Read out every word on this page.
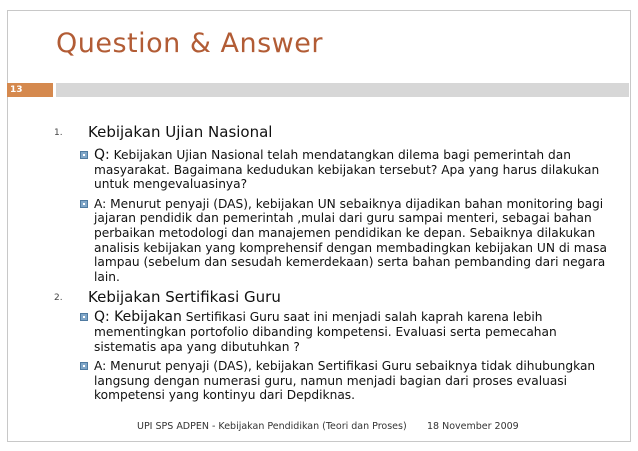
Question & Answer
13
1. Kebijakan Ujian Nasional
Q: Kebijakan Ujian Nasional telah mendatangkan dilema bagi pemerintah dan masyarakat. Bagaimana kedudukan kebijakan tersebut? Apa yang harus dilakukan untuk mengevaluasinya?
A: Menurut penyaji (DAS), kebijakan UN sebaiknya dijadikan bahan monitoring bagi jajaran pendidik dan pemerintah ,mulai dari guru sampai menteri, sebagai bahan perbaikan metodologi dan manajemen pendidikan ke depan. Sebaiknya dilakukan analisis kebijakan yang komprehensif dengan membadingkan kebijakan UN di masa lampau (sebelum dan sesudah kemerdekaan) serta bahan pembanding dari negara lain.
2. Kebijakan Sertifikasi Guru
Q: Kebijakan Sertifikasi Guru saat ini menjadi salah kaprah karena lebih mementingkan portofolio dibanding kompetensi. Evaluasi serta pemecahan sistematis apa yang dibutuhkan ?
A: Menurut penyaji (DAS), kebijakan Sertifikasi Guru sebaiknya tidak dihubungkan langsung dengan numerasi guru, namun menjadi bagian dari proses evaluasi kompetensi yang kontinyu dari Depdiknas.
UPI SPS ADPEN - Kebijakan Pendidikan (Teori dan Proses) 18 November 2009
